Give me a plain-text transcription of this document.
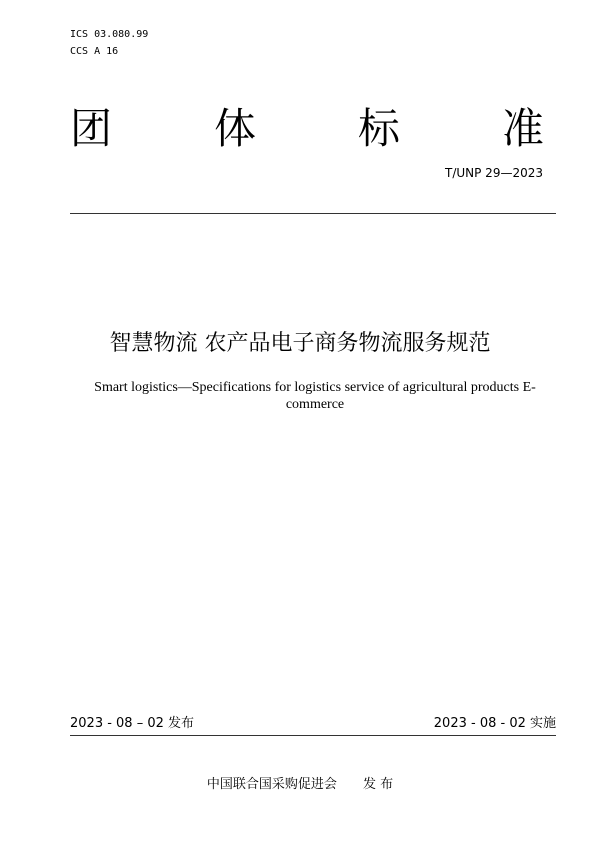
ICS 03.080.99
CCS A 16
团 体 标 准
T/UNP 29—2023
智慧物流 农产品电子商务物流服务规范
Smart logistics—Specifications for logistics service of agricultural products E-commerce
2023 - 08 – 02 发布	2023 - 08 - 02 实施
中国联合国采购促进会 发 布
